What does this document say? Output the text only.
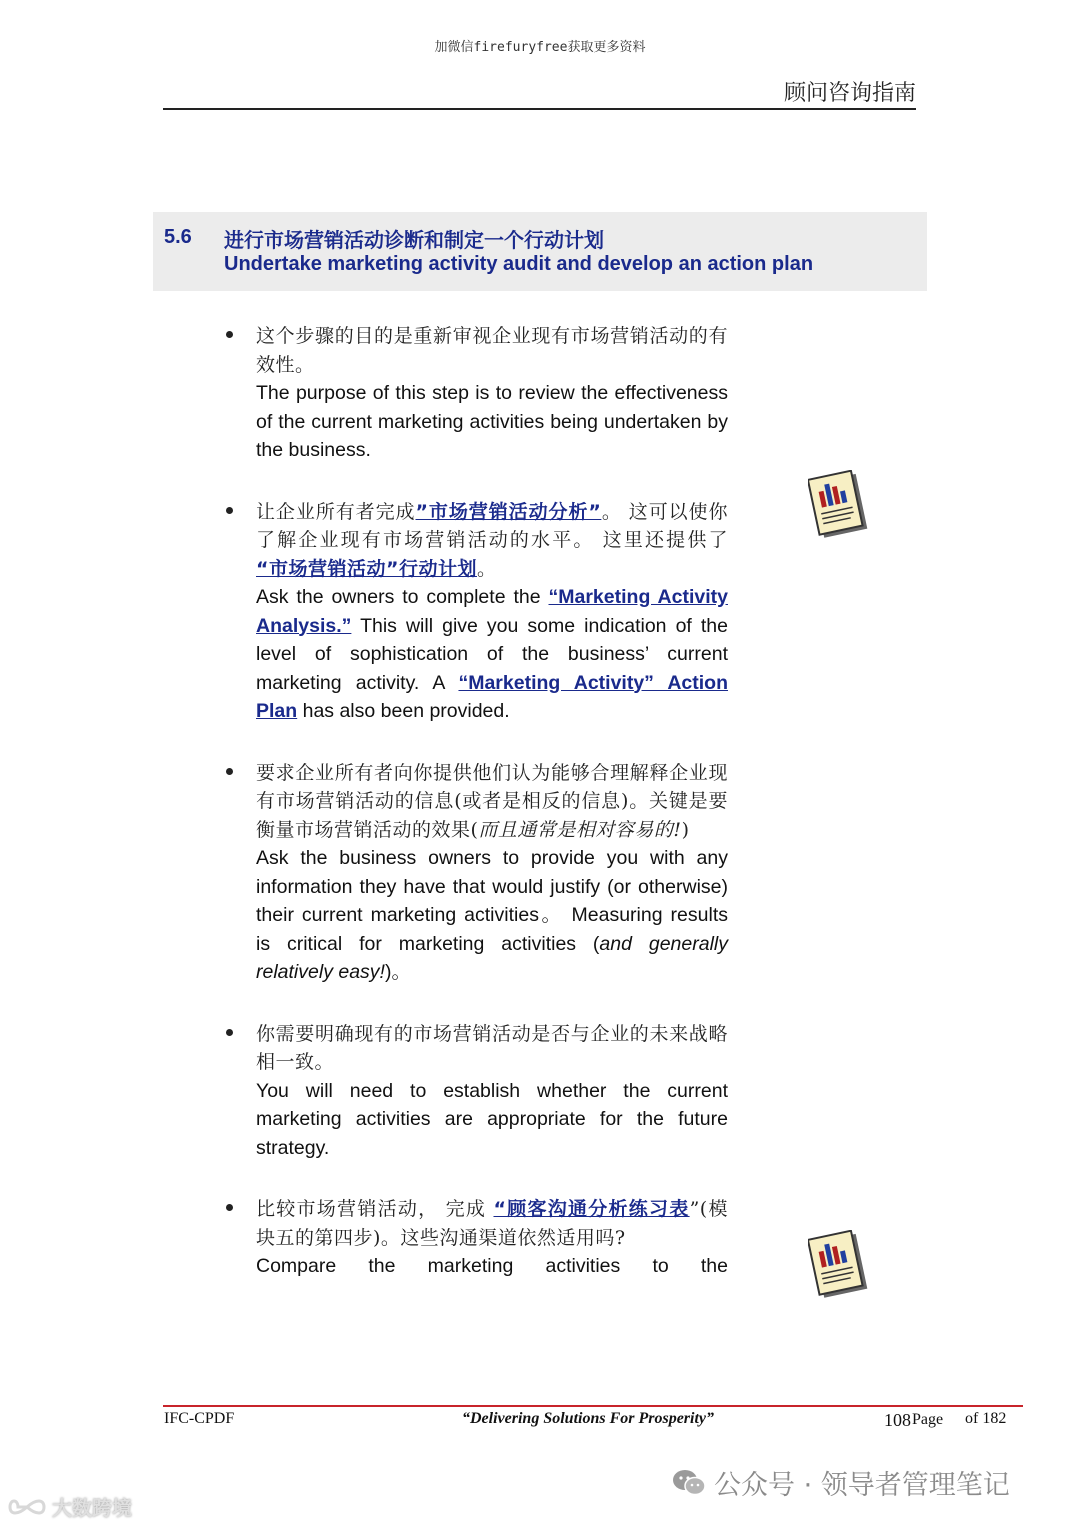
加微信firefuryfree获取更多资料
顾问咨询指南
5.6 进行市场营销活动诊断和制定一个行动计划
Undertake marketing activity audit and develop an action plan
这个步骤的目的是重新审视企业现有市场营销活动的有效性。
The purpose of this step is to review the effectiveness of the current marketing activities being undertaken by the business.
让企业所有者完成”市场营销活动分析”。 这可以使你了解企业现有市场营销活动的水平。 这里还提供了 “市场营销活动”行动计划。
Ask the owners to complete the “Marketing Activity Analysis.” This will give you some indication of the level of sophistication of the business’ current marketing activity. A “Marketing Activity” Action Plan has also been provided.
要求企业所有者向你提供他们认为能够合理解释企业现有市场营销活动的信息(或者是相反的信息)。关键是要衡量市场营销活动的效果(而且通常是相对容易的!)
Ask the business owners to provide you with any information they have that would justify (or otherwise) their current marketing activities。 Measuring results is critical for marketing activities (and generally relatively easy!)。
你需要明确现有的市场营销活动是否与企业的未来战略相一致。
You will need to establish whether the current marketing activities are appropriate for the future strategy.
比较市场营销活动， 完成 “顾客沟通分析练习表”(模块五的第四步)。这些沟通渠道依然适用吗?
Compare the marketing activities to the
IFC-CPDF	“Delivering Solutions For Prosperity”	108 Page of 182
公众号 · 领导者管理笔记
大数跨境
